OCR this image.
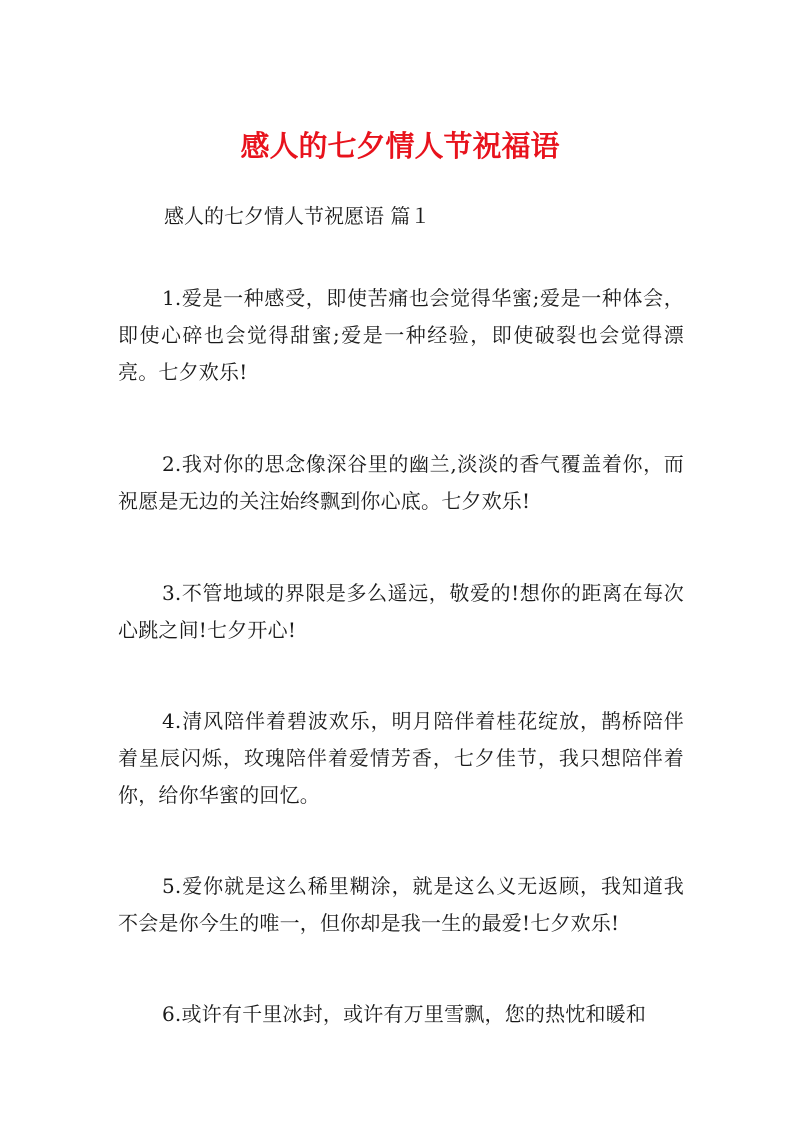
感人的七夕情人节祝福语

感人的七夕情人节祝愿语 篇１

1.爱是一种感受，即使苦痛也会觉得华蜜;爱是一种体会，即使心碎也会觉得甜蜜;爱是一种经验，即使破裂也会觉得漂亮。七夕欢乐!

2.我对你的思念像深谷里的幽兰,淡淡的香气覆盖着你，而祝愿是无边的关注始终飘到你心底。七夕欢乐!

3.不管地域的界限是多么遥远，敬爱的!想你的距离在每次心跳之间!七夕开心!

4.清风陪伴着碧波欢乐，明月陪伴着桂花绽放，鹊桥陪伴着星辰闪烁，玫瑰陪伴着爱情芳香，七夕佳节，我只想陪伴着你，给你华蜜的回忆。

5.爱你就是这么稀里糊涂，就是这么义无返顾，我知道我不会是你今生的唯一，但你却是我一生的最爱!七夕欢乐!

6.或许有千里冰封，或许有万里雪飘，您的热忱和暖和
